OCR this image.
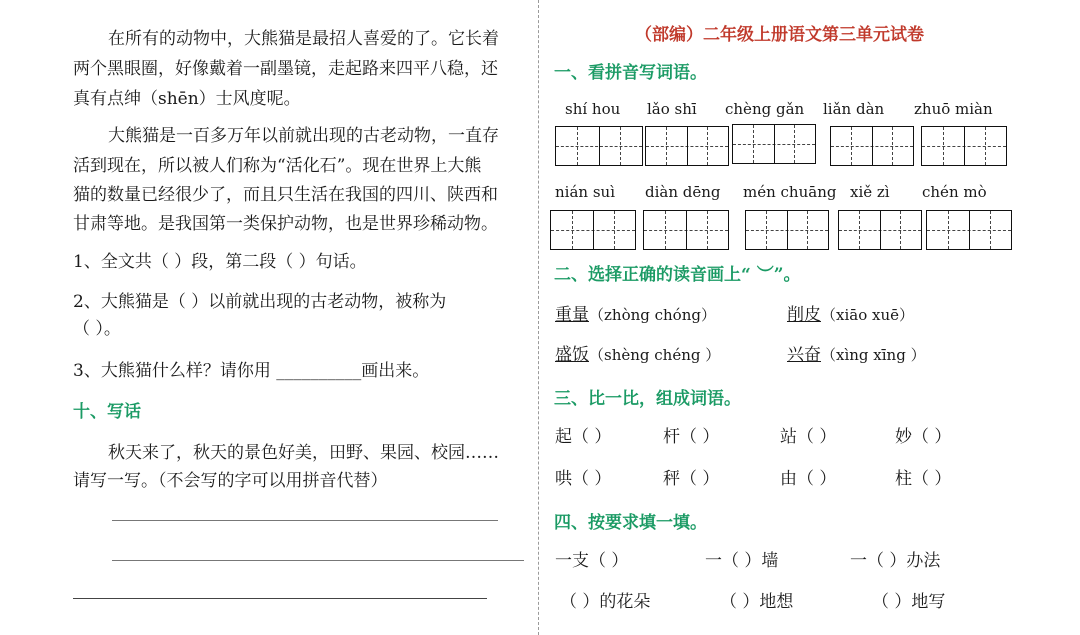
在所有的动物中，大熊猫是最招人喜爱的了。它长着
两个黑眼圈，好像戴着一副墨镜，走起路来四平八稳，还
真有点绅（shēn）士风度呢。
大熊猫是一百多万年以前就出现的古老动物，一直存
活到现在，所以被人们称为“活化石”。现在世界上大熊
猫的数量已经很少了，而且只生活在我国的四川、陕西和
甘肃等地。是我国第一类保护动物，也是世界珍稀动物。
1、全文共（ ）段，第二段（ ）句话。
2、大熊猫是（ ）以前就出现的古老动物，被称为
（ ）。
3、大熊猫什么样？请你用 __________画出来。
十、写话
秋天来了，秋天的景色好美，田野、果园、校园……
请写一写。（不会写的字可以用拼音代替）
（部编）二年级上册语文第三单元试卷
一、看拼音写词语。
shí hou lǎo shī chèng gǎn liǎn dàn zhuō miàn
nián suì diàn dēng mén chuāng xiě zì chén mò
二、选择正确的读音画上“ ︶”。
重量（zhòng chóng）	削皮（xiāo xuē）
盛饭（shèng chéng ）	兴奋（xìng xīng ）
三、比一比，组成词语。
起（ ）	杆（ ）	站（ ）	妙（ ）
哄（ ）	秤（ ）	由（ ）	柱（ ）
四、按要求填一填。
一支（ ）	一（ ）墙	一（ ）办法
（ ）的花朵	（ ）地想	（ ）地写
